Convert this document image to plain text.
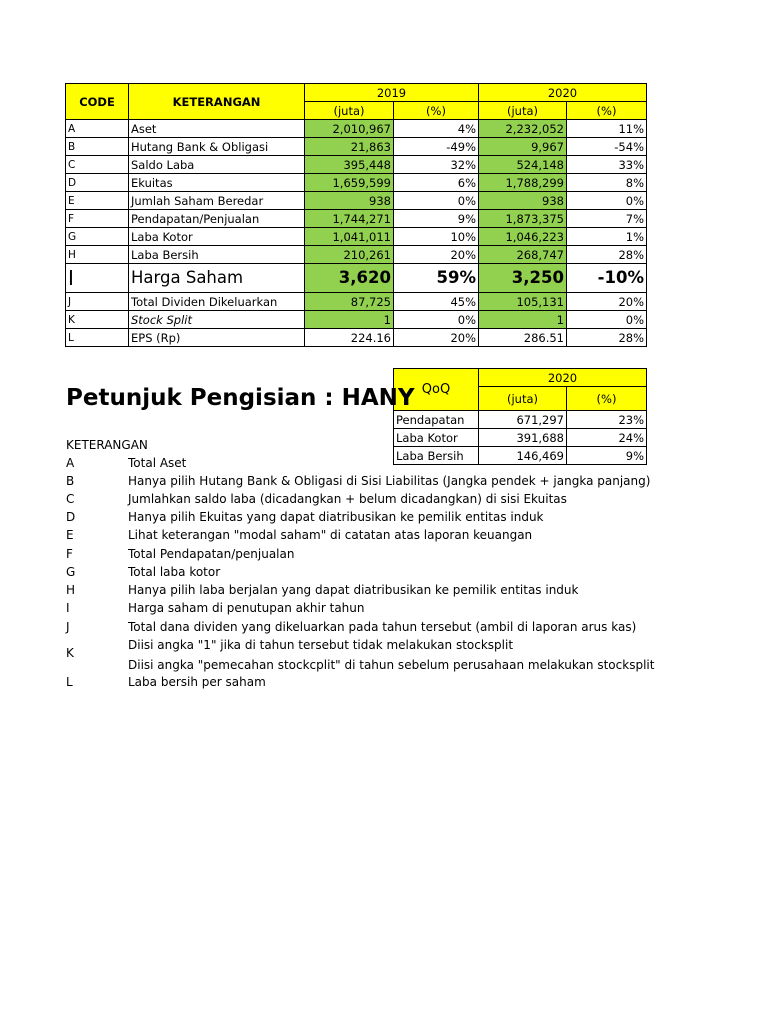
CODE	KETERANGAN	2019		2020	
		(juta)	(%)	(juta)	(%)
A	Aset	2,010,967	4%	2,232,052	11%
B	Hutang Bank & Obligasi	21,863	-49%	9,967	-54%
C	Saldo Laba	395,448	32%	524,148	33%
D	Ekuitas	1,659,599	6%	1,788,299	8%
E	Jumlah Saham Beredar	938	0%	938	0%
F	Pendapatan/Penjualan	1,744,271	9%	1,873,375	7%
G	Laba Kotor	1,041,011	10%	1,046,223	1%
H	Laba Bersih	210,261	20%	268,747	28%
I	Harga Saham	3,620	59%	3,250	-10%
J	Total Dividen Dikeluarkan	87,725	45%	105,131	20%
K	Stock Split	1	0%	1	0%
L	EPS (Rp)	224.16	20%	286.51	28%
QoQ	2020	
	(juta)	(%)
Pendapatan	671,297	23%
Laba Kotor	391,688	24%
Laba Bersih	146,469	9%
Petunjuk Pengisian : HANY
KETERANGAN
A	Total Aset
B	Hanya pilih Hutang Bank & Obligasi di Sisi Liabilitas (Jangka pendek + jangka panjang)
C	Jumlahkan saldo laba (dicadangkan + belum dicadangkan) di sisi Ekuitas
D	Hanya pilih Ekuitas yang dapat diatribusikan ke pemilik entitas induk
E	Lihat keterangan "modal saham" di catatan atas laporan keuangan
F	Total Pendapatan/penjualan
G	Total laba kotor
H	Hanya pilih laba berjalan yang dapat diatribusikan ke pemilik entitas induk
I	Harga saham di penutupan akhir tahun
J	Total dana dividen yang dikeluarkan pada tahun tersebut (ambil di laporan arus kas)
K
Diisi angka "1" jika di tahun tersebut tidak melakukan stocksplit
Diisi angka "pemecahan stockcplit" di tahun sebelum perusahaan melakukan stocksplit
L	Laba bersih per saham
